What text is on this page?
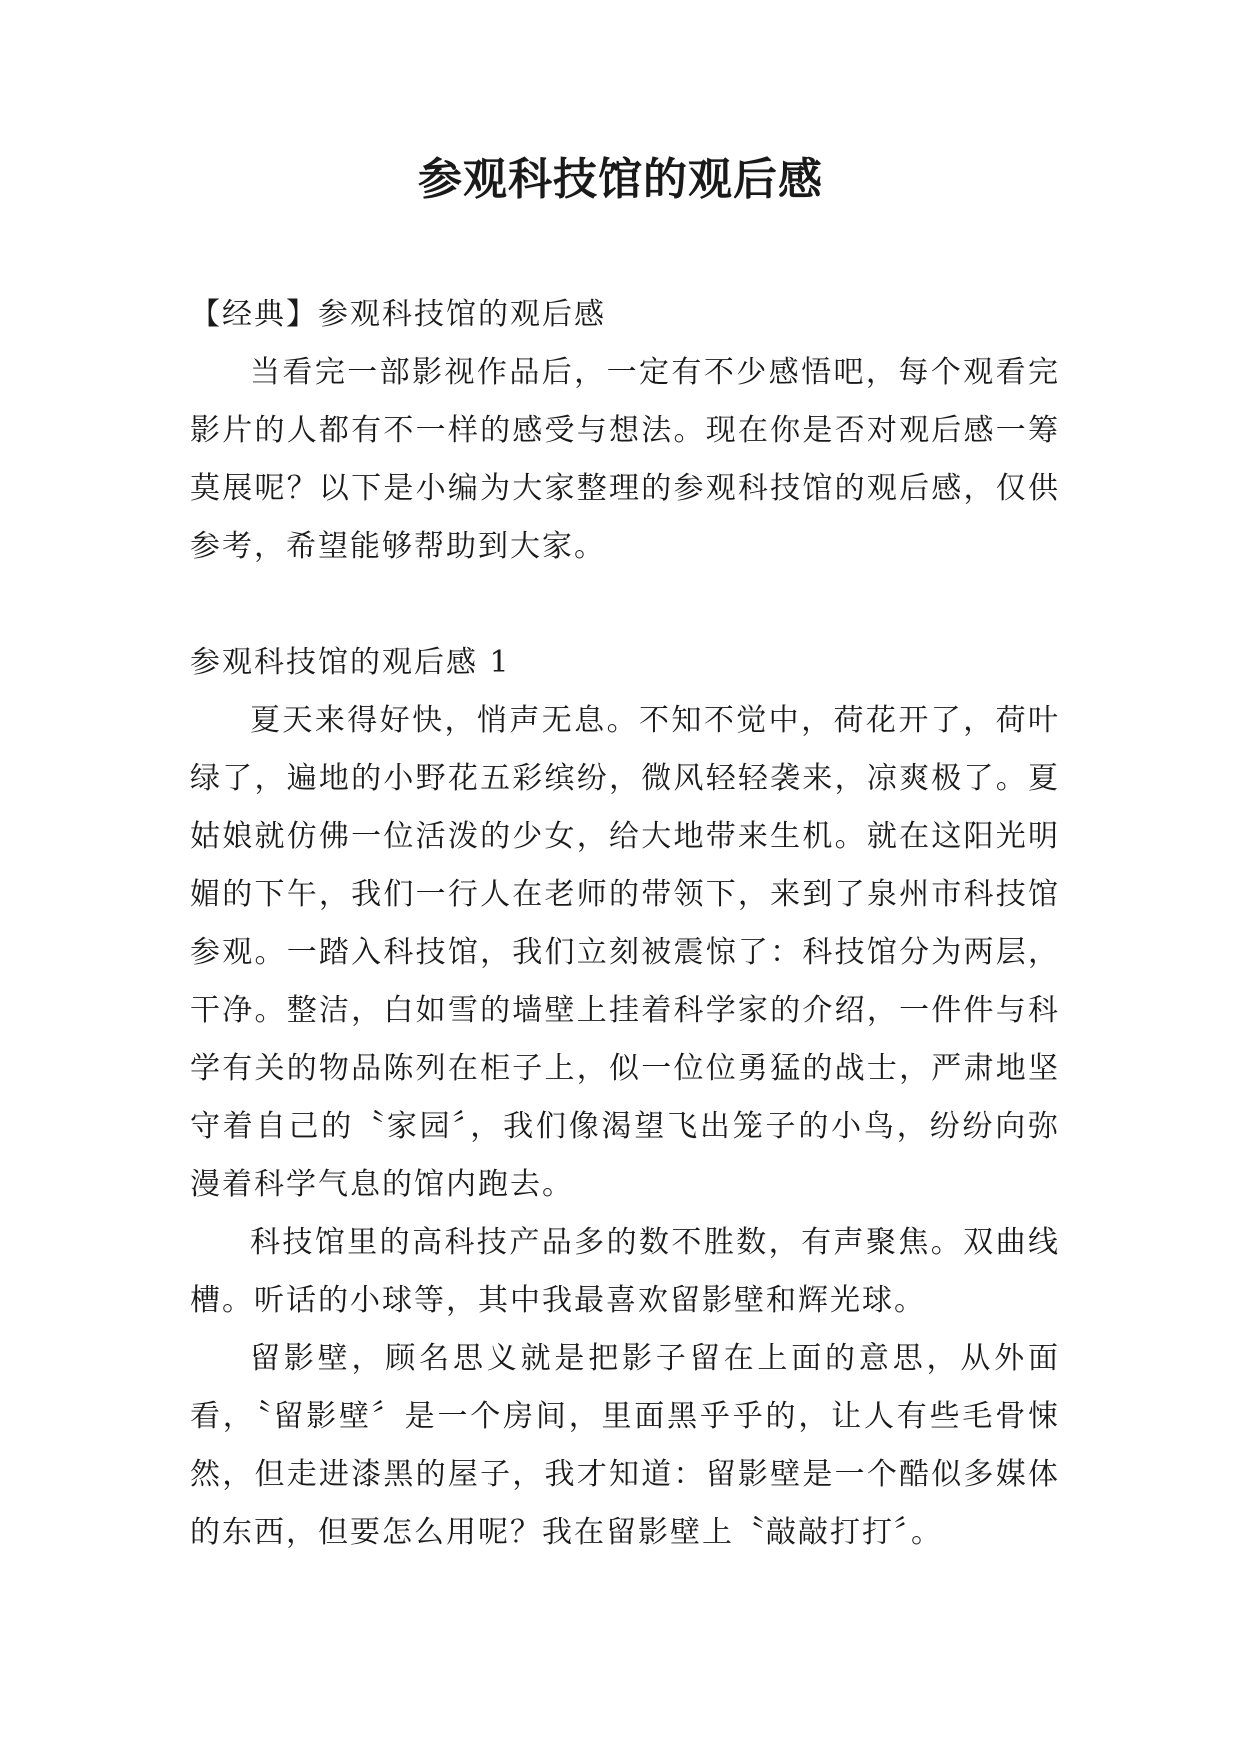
参观科技馆的观后感

【经典】参观科技馆的观后感

当看完一部影视作品后，一定有不少感悟吧，每个观看完影片的人都有不一样的感受与想法。现在你是否对观后感一筹莫展呢？以下是小编为大家整理的参观科技馆的观后感，仅供参考，希望能够帮助到大家。

参观科技馆的观后感 1

夏天来得好快，悄声无息。不知不觉中，荷花开了，荷叶绿了，遍地的小野花五彩缤纷，微风轻轻袭来，凉爽极了。夏姑娘就仿佛一位活泼的少女，给大地带来生机。就在这阳光明媚的下午，我们一行人在老师的带领下，来到了泉州市科技馆参观。一踏入科技馆，我们立刻被震惊了：科技馆分为两层，干净。整洁，白如雪的墙壁上挂着科学家的介绍，一件件与科学有关的物品陈列在柜子上，似一位位勇猛的战士，严肃地坚守着自己的〝家园〞，我们像渴望飞出笼子的小鸟，纷纷向弥漫着科学气息的馆内跑去。

科技馆里的高科技产品多的数不胜数，有声聚焦。双曲线槽。听话的小球等，其中我最喜欢留影壁和辉光球。

留影壁，顾名思义就是把影子留在上面的意思，从外面看，〝留影壁〞是一个房间，里面黑乎乎的，让人有些毛骨悚然，但走进漆黑的屋子，我才知道：留影壁是一个酷似多媒体的东西，但要怎么用呢？我在留影壁上〝敲敲打打〞。
